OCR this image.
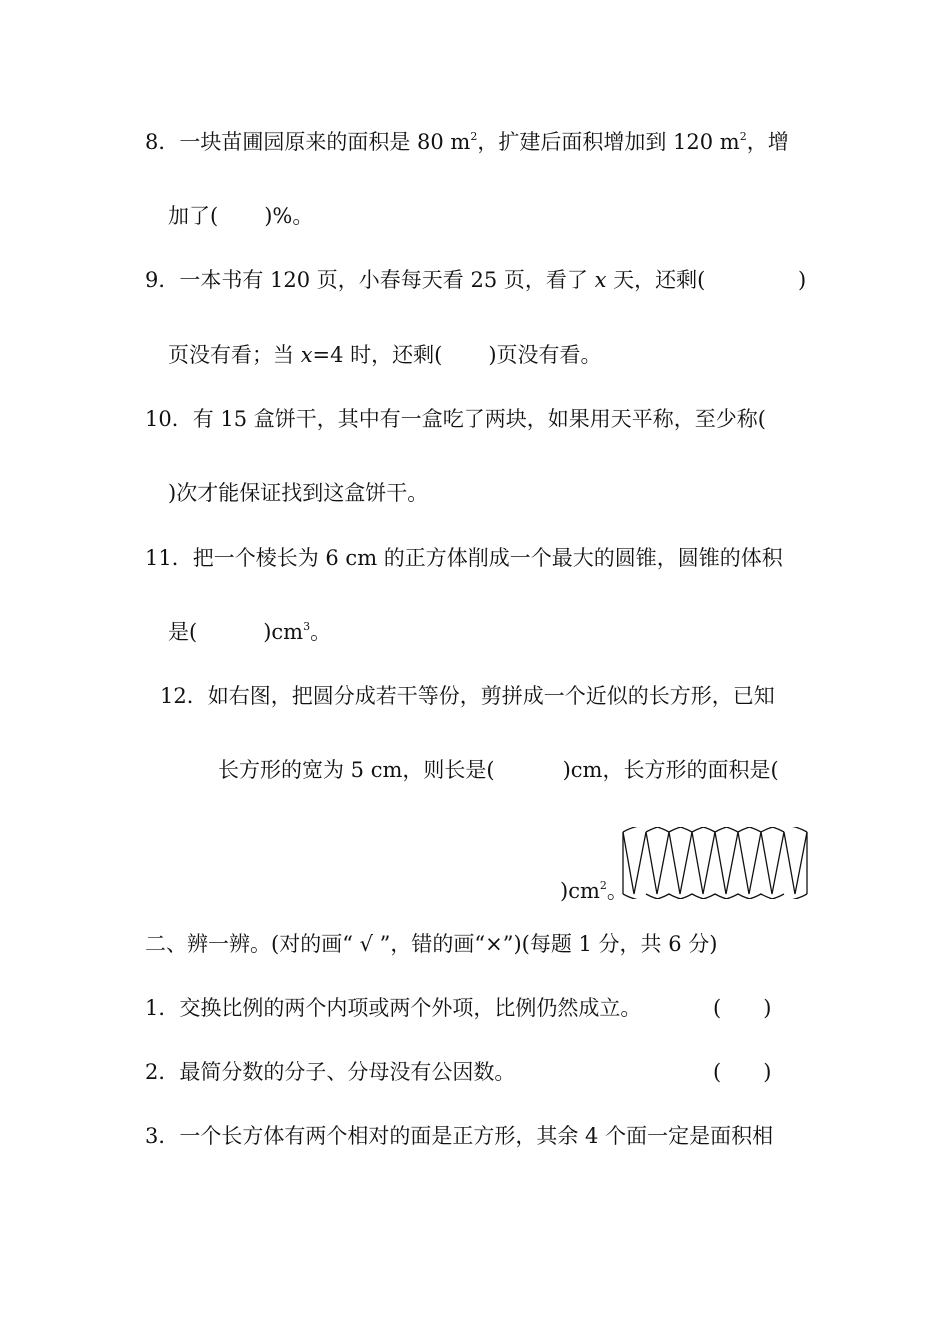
8．一块苗圃园原来的面积是 80 $m^2$，扩建后面积增加到 120 $m^2$，增
加了( )%。
9．一本书有 120 页，小春每天看 25 页，看了 x 天，还剩(	)
页没有看；当 x=4 时，还剩( )页没有看。
10．有 15 盒饼干，其中有一盒吃了两块，如果用天平称，至少称(
)次才能保证找到这盒饼干。
11．把一个棱长为 6 cm 的正方体削成一个最大的圆锥，圆锥的体积
是(	)$cm^3$。
12．如右图，把圆分成若干等份，剪拼成一个近似的长方形，已知
长方形的宽为 5 cm，则长是(	)cm，长方形的面积是(
)$cm^2$。
二、辨一辨。(对的画“ √ ”，错的画“×”)(每题 1 分，共 6 分)
1．交换比例的两个内项或两个外项，比例仍然成立。	( )
2．最简分数的分子、分母没有公因数。	( )
3．一个长方体有两个相对的面是正方形，其余 4 个面一定是面积相
